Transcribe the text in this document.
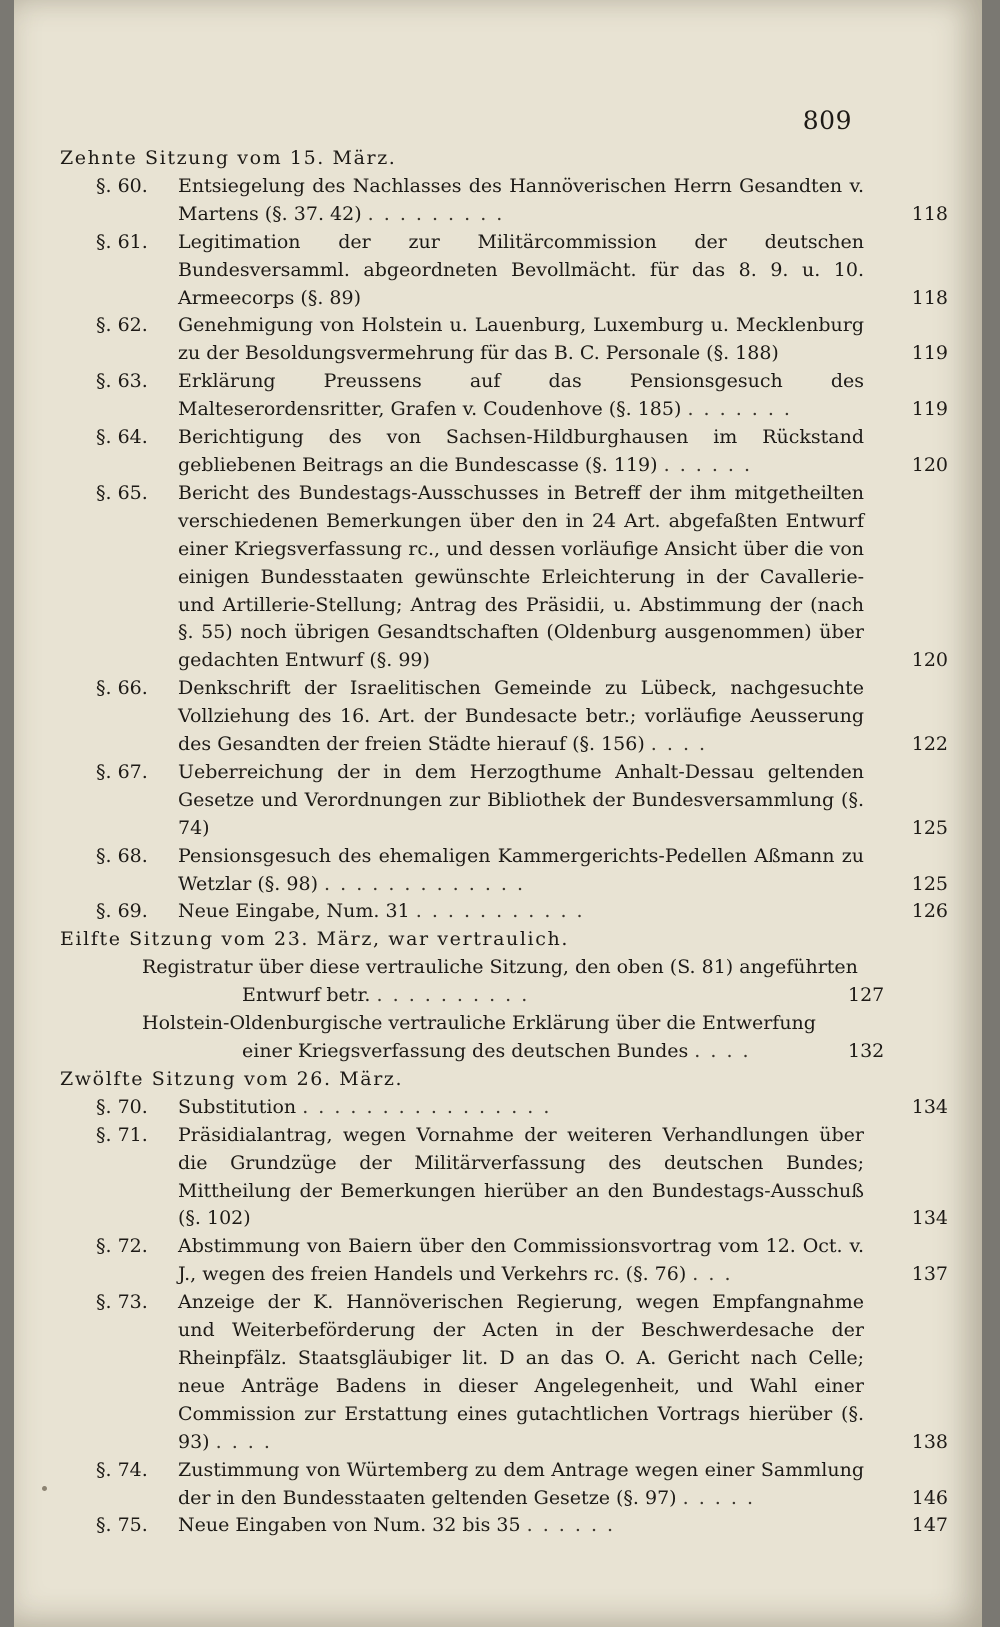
809
Zehnte Sitzung vom 15. März.
§. 60. Entsiegelung des Nachlasses des Hannöverischen Herrn Gesandten v. Martens (§. 37. 42) . . . . . . . . .	118
§. 61. Legitimation der zur Militärcommission der deutschen Bundesversamml. abgeordneten Bevollmächt. für das 8. 9. u. 10. Armeecorps (§. 89)	118
§. 62. Genehmigung von Holstein u. Lauenburg, Luxemburg u. Mecklenburg zu der Besoldungsvermehrung für das B. C. Personale (§. 188)	119
§. 63. Erklärung Preussens auf das Pensionsgesuch des Malteserordensritter, Grafen v. Coudenhove (§. 185) . . . . . . .	119
§. 64. Berichtigung des von Sachsen-Hildburghausen im Rückstand gebliebenen Beitrags an die Bundescasse (§. 119) . . . . . .	120
§. 65. Bericht des Bundestags-Ausschusses in Betreff der ihm mitgetheilten verschiedenen Bemerkungen über den in 24 Art. abgefaßten Entwurf einer Kriegsverfassung rc., und dessen vorläufige Ansicht über die von einigen Bundesstaaten gewünschte Erleichterung in der Cavallerie- und Artillerie-Stellung; Antrag des Präsidii, u. Abstimmung der (nach §. 55) noch übrigen Gesandtschaften (Oldenburg ausgenommen) über gedachten Entwurf (§. 99)	120
§. 66. Denkschrift der Israelitischen Gemeinde zu Lübeck, nachgesuchte Vollziehung des 16. Art. der Bundesacte betr.; vorläufige Aeusserung des Gesandten der freien Städte hierauf (§. 156) . . . .	122
§. 67. Ueberreichung der in dem Herzogthume Anhalt-Dessau geltenden Gesetze und Verordnungen zur Bibliothek der Bundesversammlung (§. 74)	125
§. 68. Pensionsgesuch des ehemaligen Kammergerichts-Pedellen Aßmann zu Wetzlar (§. 98) . . . . . . . . . . . . .	125
§. 69. Neue Eingabe, Num. 31 . . . . . . . . . . .	126
Eilfte Sitzung vom 23. März, war vertraulich.
Registratur über diese vertrauliche Sitzung, den oben (S. 81) angeführten Entwurf betr. . . . . . . . . . .	127
Holstein-Oldenburgische vertrauliche Erklärung über die Entwerfung einer Kriegsverfassung des deutschen Bundes . . . .	132
Zwölfte Sitzung vom 26. März.
§. 70. Substitution . . . . . . . . . . . . . . . .	134
§. 71. Präsidialantrag, wegen Vornahme der weiteren Verhandlungen über die Grundzüge der Militärverfassung des deutschen Bundes; Mittheilung der Bemerkungen hierüber an den Bundestags-Ausschuß (§. 102)	134
§. 72. Abstimmung von Baiern über den Commissionsvortrag vom 12. Oct. v. J., wegen des freien Handels und Verkehrs rc. (§. 76) . . .	137
§. 73. Anzeige der K. Hannöverischen Regierung, wegen Empfangnahme und Weiterbeförderung der Acten in der Beschwerdesache der Rheinpfälz. Staatsgläubiger lit. D an das O. A. Gericht nach Celle; neue Anträge Badens in dieser Angelegenheit, und Wahl einer Commission zur Erstattung eines gutachtlichen Vortrags hierüber (§. 93) . . . .	138
§. 74. Zustimmung von Würtemberg zu dem Antrage wegen einer Sammlung der in den Bundesstaaten geltenden Gesetze (§. 97) . . . . .	146
§. 75. Neue Eingaben von Num. 32 bis 35 . . . . . .	147
